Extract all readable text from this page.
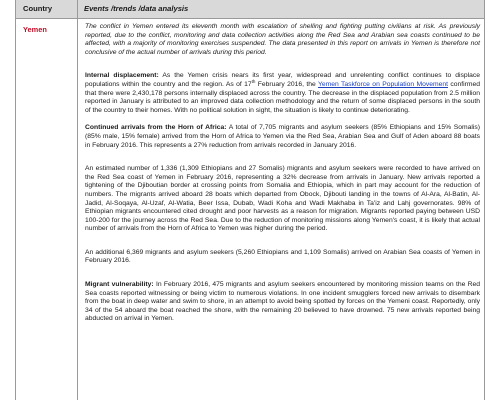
Country	Events /trends /data analysis
Yemen	The conflict in Yemen entered its eleventh month with escalation of shelling and fighting putting civilians at risk. As previously reported, due to the conflict, monitoring and data collection activities along the Red Sea and Arabian sea coasts continued to be affected, with a majority of monitoring exercises suspended. The data presented in this report on arrivals in Yemen is therefore not conclusive of the actual number of arrivals during this period.

Internal displacement: As the Yemen crisis nears its first year, widespread and unrelenting conflict continues to displace populations within the country and the region. As of 17th February 2016, the Yemen Taskforce on Population Movement confirmed that there were 2,430,178 persons internally displaced across the country. The decrease in the displaced population from 2.5 million reported in January is attributed to an improved data collection methodology and the return of some displaced persons in the south of the country to their homes. With no political solution in sight, the situation is likely to continue deteriorating.

Continued arrivals from the Horn of Africa: A total of 7,705 migrants and asylum seekers (85% Ethiopians and 15% Somalis) (85% male, 15% female) arrived from the Horn of Africa to Yemen via the Red Sea, Arabian Sea and Gulf of Aden aboard 88 boats in February 2016. This represents a 27% reduction from arrivals recorded in January 2016.

An estimated number of 1,336 (1,309 Ethiopians and 27 Somalis) migrants and asylum seekers were recorded to have arrived on the Red Sea coast of Yemen in February 2016, representing a 32% decrease from arrivals in January. New arrivals reported a tightening of the Djiboutian border at crossing points from Somalia and Ethiopia, which in part may account for the reduction of numbers. The migrants arrived aboard 28 boats which departed from Obock, Djibouti landing in the towns of Al-Ara, Al-Batin, Al-Jadid, Al-Soqaya, Al-Uzaf, Al-Watia, Beer Issa, Dubab, Wadi Koha and Wadi Makhaba in Ta'iz and Lahj governorates. 98% of Ethiopian migrants encountered cited drought and poor harvests as a reason for migration. Migrants reported paying between USD 100-200 for the journey across the Red Sea. Due to the reduction of monitoring missions along Yemen's coast, it is likely that actual number of arrivals from the Horn of Africa to Yemen was higher during the period.

An additional 6,369 migrants and asylum seekers (5,260 Ethiopians and 1,109 Somalis) arrived on Arabian Sea coasts of Yemen in February 2016.

Migrant vulnerability: In February 2016, 475 migrants and asylum seekers encountered by monitoring mission teams on the Red Sea coasts reported witnessing or being victim to numerous violations. In one incident smugglers forced new arrivals to disembark from the boat in deep water and swim to shore, in an attempt to avoid being spotted by forces on the Yemeni coast. Reportedly, only 34 of the 54 aboard the boat reached the shore, with the remaining 20 believed to have drowned. 75 new arrivals reported being abducted on arrival in Yemen.
